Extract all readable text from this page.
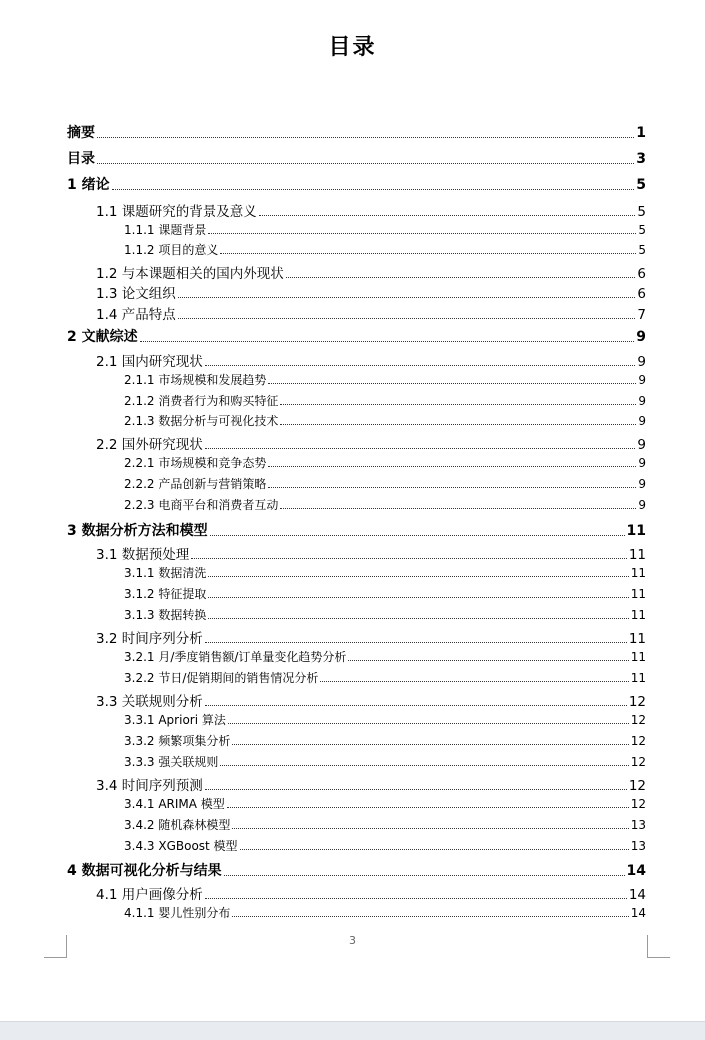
目录
摘要	1
目录	3
1 绪论	5
1.1 课题研究的背景及意义	5
1.1.1 课题背景	5
1.1.2 项目的意义	5
1.2 与本课题相关的国内外现状	6
1.3 论文组织	6
1.4 产品特点	7
2 文献综述	9
2.1 国内研究现状	9
2.1.1 市场规模和发展趋势	9
2.1.2 消费者行为和购买特征	9
2.1.3 数据分析与可视化技术	9
2.2 国外研究现状	9
2.2.1 市场规模和竞争态势	9
2.2.2 产品创新与营销策略	9
2.2.3 电商平台和消费者互动	9
3 数据分析方法和模型	11
3.1 数据预处理	11
3.1.1 数据清洗	11
3.1.2 特征提取	11
3.1.3 数据转换	11
3.2 时间序列分析	11
3.2.1 月/季度销售额/订单量变化趋势分析	11
3.2.2 节日/促销期间的销售情况分析	11
3.3 关联规则分析	12
3.3.1 Apriori 算法	12
3.3.2 频繁项集分析	12
3.3.3 强关联规则	12
3.4 时间序列预测	12
3.4.1 ARIMA 模型	12
3.4.2 随机森林模型	13
3.4.3 XGBoost 模型	13
4 数据可视化分析与结果	14
4.1 用户画像分析	14
4.1.1 婴儿性别分布	14
3
